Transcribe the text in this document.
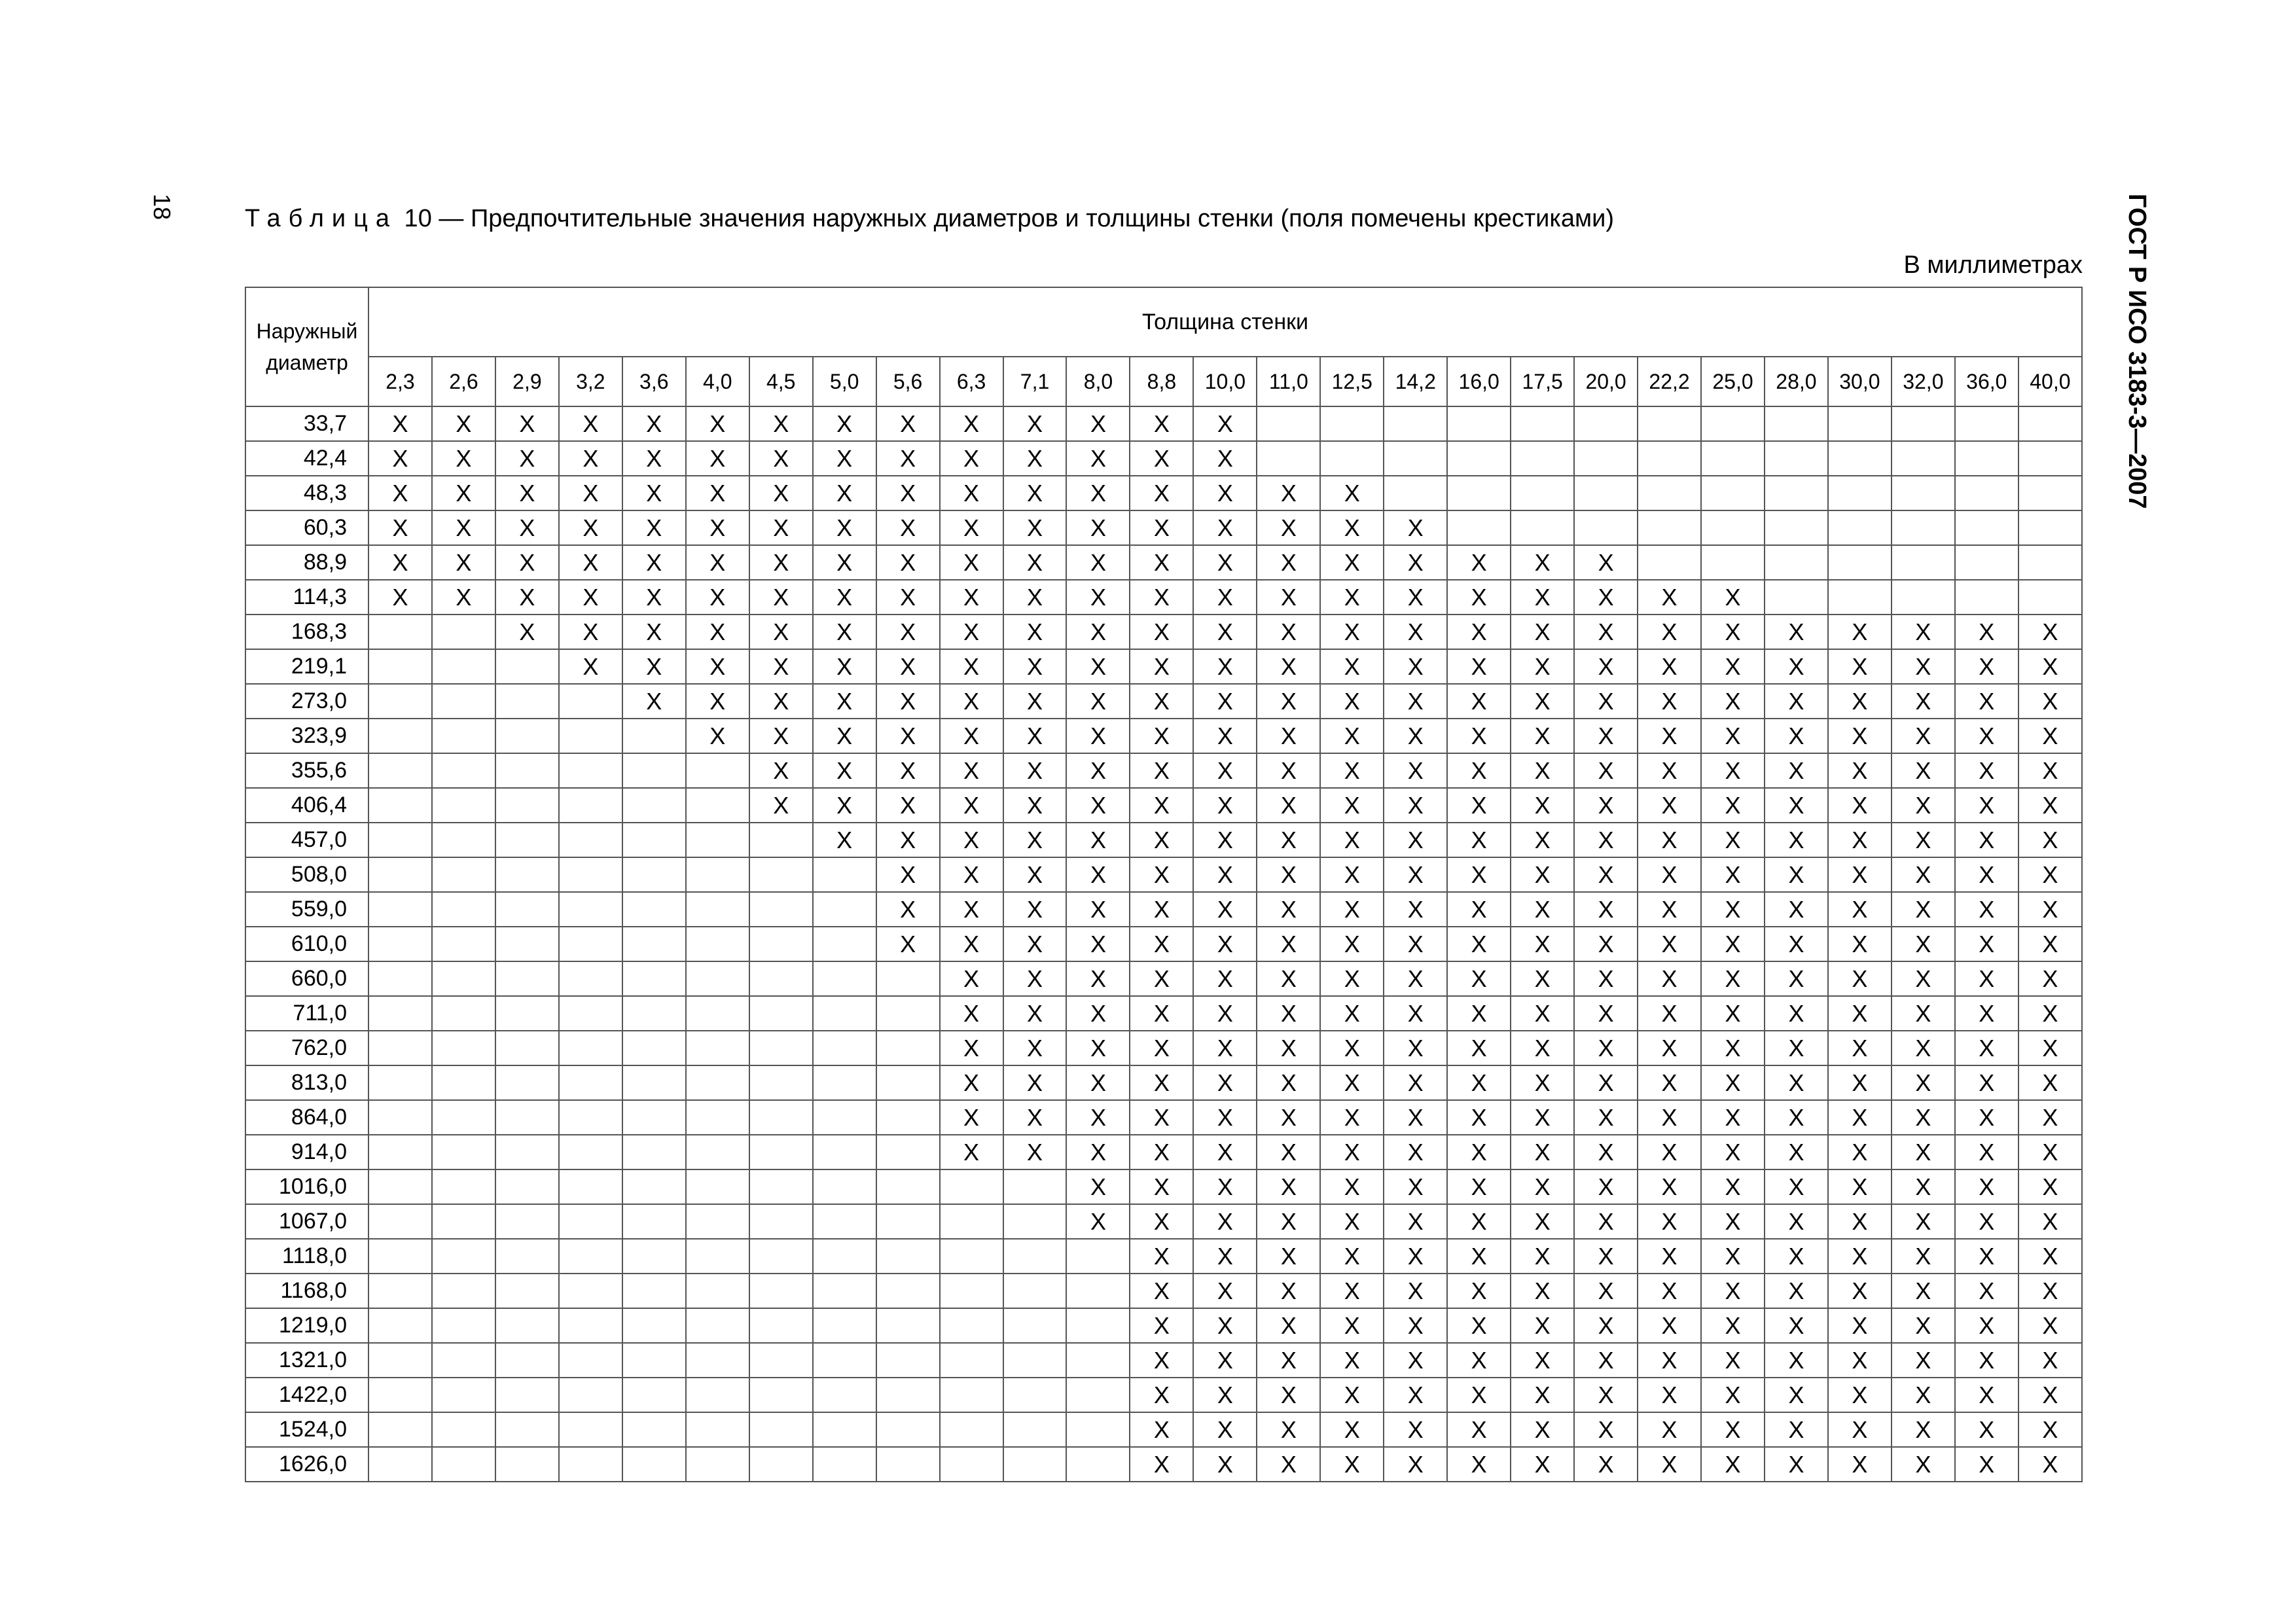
18	ГОСТ Р ИСО 3183-3—2007
Таблица 10 — Предпочтительные значения наружных диаметров и толщины стенки (поля помечены крестиками)
В миллиметрах
Наружный диаметр	Толщина стенки																										
	2,3	2,6	2,9	3,2	3,6	4,0	4,5	5,0	5,6	6,3	7,1	8,0	8,8	10,0	11,0	12,5	14,2	16,0	17,5	20,0	22,2	25,0	28,0	30,0	32,0	36,0	40,0
33,7	X	X	X	X	X	X	X	X	X	X	X	X	X	X													
42,4	X	X	X	X	X	X	X	X	X	X	X	X	X	X													
48,3	X	X	X	X	X	X	X	X	X	X	X	X	X	X	X	X											
60,3	X	X	X	X	X	X	X	X	X	X	X	X	X	X	X	X	X										
88,9	X	X	X	X	X	X	X	X	X	X	X	X	X	X	X	X	X	X	X	X							
114,3	X	X	X	X	X	X	X	X	X	X	X	X	X	X	X	X	X	X	X	X	X	X					
168,3			X	X	X	X	X	X	X	X	X	X	X	X	X	X	X	X	X	X	X	X	X	X	X	X	X
219,1				X	X	X	X	X	X	X	X	X	X	X	X	X	X	X	X	X	X	X	X	X	X	X	X
273,0					X	X	X	X	X	X	X	X	X	X	X	X	X	X	X	X	X	X	X	X	X	X	X
323,9						X	X	X	X	X	X	X	X	X	X	X	X	X	X	X	X	X	X	X	X	X	X
355,6							X	X	X	X	X	X	X	X	X	X	X	X	X	X	X	X	X	X	X	X	X
406,4							X	X	X	X	X	X	X	X	X	X	X	X	X	X	X	X	X	X	X	X	X
457,0								X	X	X	X	X	X	X	X	X	X	X	X	X	X	X	X	X	X	X	X
508,0									X	X	X	X	X	X	X	X	X	X	X	X	X	X	X	X	X	X	X
559,0									X	X	X	X	X	X	X	X	X	X	X	X	X	X	X	X	X	X	X
610,0									X	X	X	X	X	X	X	X	X	X	X	X	X	X	X	X	X	X	X
660,0										X	X	X	X	X	X	X	X	X	X	X	X	X	X	X	X	X	X
711,0										X	X	X	X	X	X	X	X	X	X	X	X	X	X	X	X	X	X
762,0										X	X	X	X	X	X	X	X	X	X	X	X	X	X	X	X	X	X
813,0										X	X	X	X	X	X	X	X	X	X	X	X	X	X	X	X	X	X
864,0										X	X	X	X	X	X	X	X	X	X	X	X	X	X	X	X	X	X
914,0										X	X	X	X	X	X	X	X	X	X	X	X	X	X	X	X	X	X
1016,0												X	X	X	X	X	X	X	X	X	X	X	X	X	X	X	X
1067,0												X	X	X	X	X	X	X	X	X	X	X	X	X	X	X	X
1118,0													X	X	X	X	X	X	X	X	X	X	X	X	X	X	X
1168,0													X	X	X	X	X	X	X	X	X	X	X	X	X	X	X
1219,0													X	X	X	X	X	X	X	X	X	X	X	X	X	X	X
1321,0													X	X	X	X	X	X	X	X	X	X	X	X	X	X	X
1422,0													X	X	X	X	X	X	X	X	X	X	X	X	X	X	X
1524,0													X	X	X	X	X	X	X	X	X	X	X	X	X	X	X
1626,0													X	X	X	X	X	X	X	X	X	X	X	X	X	X	X
